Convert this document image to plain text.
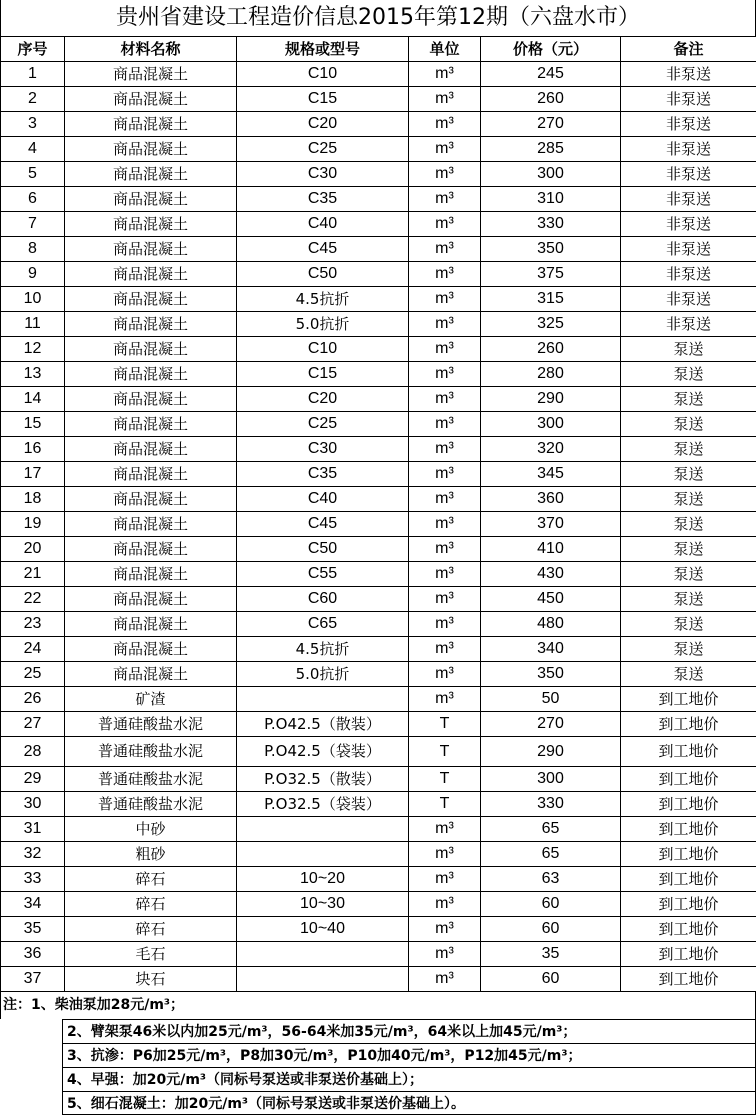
贵州省建设工程造价信息2015年第12期（六盘水市）
序号	材料名称	规格或型号	单位	价格（元）	备注
1	商品混凝土	C10	m³	245	非泵送
2	商品混凝土	C15	m³	260	非泵送
3	商品混凝土	C20	m³	270	非泵送
4	商品混凝土	C25	m³	285	非泵送
5	商品混凝土	C30	m³	300	非泵送
6	商品混凝土	C35	m³	310	非泵送
7	商品混凝土	C40	m³	330	非泵送
8	商品混凝土	C45	m³	350	非泵送
9	商品混凝土	C50	m³	375	非泵送
10	商品混凝土	4.5抗折	m³	315	非泵送
11	商品混凝土	5.0抗折	m³	325	非泵送
12	商品混凝土	C10	m³	260	泵送
13	商品混凝土	C15	m³	280	泵送
14	商品混凝土	C20	m³	290	泵送
15	商品混凝土	C25	m³	300	泵送
16	商品混凝土	C30	m³	320	泵送
17	商品混凝土	C35	m³	345	泵送
18	商品混凝土	C40	m³	360	泵送
19	商品混凝土	C45	m³	370	泵送
20	商品混凝土	C50	m³	410	泵送
21	商品混凝土	C55	m³	430	泵送
22	商品混凝土	C60	m³	450	泵送
23	商品混凝土	C65	m³	480	泵送
24	商品混凝土	4.5抗折	m³	340	泵送
25	商品混凝土	5.0抗折	m³	350	泵送
26	矿渣		m³	50	到工地价
27	普通硅酸盐水泥	P.O42.5（散装）	T	270	到工地价
28	普通硅酸盐水泥	P.O42.5（袋装）	T	290	到工地价
29	普通硅酸盐水泥	P.O32.5（散装）	T	300	到工地价
30	普通硅酸盐水泥	P.O32.5（袋装）	T	330	到工地价
31	中砂		m³	65	到工地价
32	粗砂		m³	65	到工地价
33	碎石	10~20	m³	63	到工地价
34	碎石	10~30	m³	60	到工地价
35	碎石	10~40	m³	60	到工地价
36	毛石		m³	35	到工地价
37	块石		m³	60	到工地价
注：1、柴油泵加28元/m³；
2、臂架泵46米以内加25元/m³，56-64米加35元/m³，64米以上加45元/m³；
3、抗渗：P6加25元/m³，P8加30元/m³，P10加40元/m³，P12加45元/m³；
4、早强：加20元/m³（同标号泵送或非泵送价基础上）；
5、细石混凝土：加20元/m³（同标号泵送或非泵送价基础上）。
